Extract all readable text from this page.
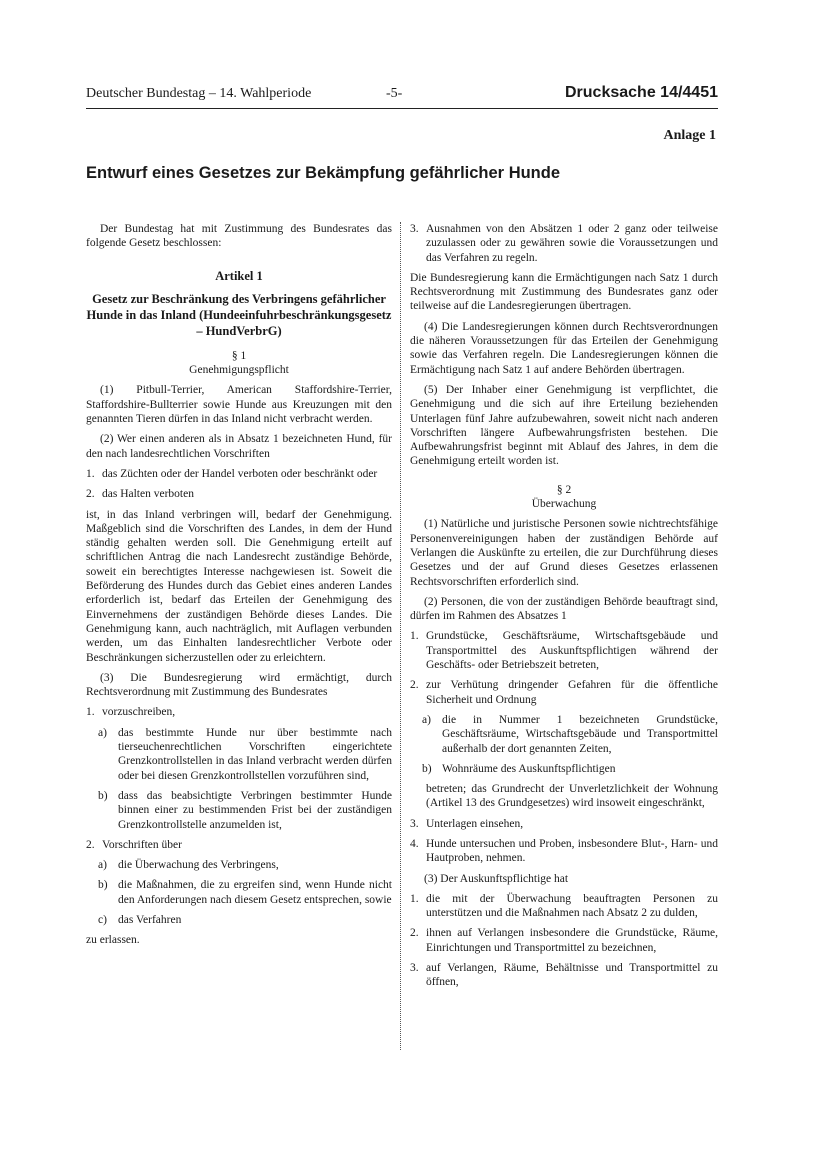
Deutscher Bundestag – 14. Wahlperiode	-5-	Drucksache 14/4451
Anlage 1
Entwurf eines Gesetzes zur Bekämpfung gefährlicher Hunde

Der Bundestag hat mit Zustimmung des Bundesrates das folgende Gesetz beschlossen:

Artikel 1
Gesetz zur Beschränkung des Verbringens gefährlicher Hunde in das Inland (Hundeeinfuhrbeschränkungsgesetz – HundVerbrG)

§ 1

Genehmigungspflicht

(1) Pitbull-Terrier, American Staffordshire-Terrier, Staffordshire-Bullterrier sowie Hunde aus Kreuzungen mit den genannten Tieren dürfen in das Inland nicht verbracht werden.

(2) Wer einen anderen als in Absatz 1 bezeichneten Hund, für den nach landesrechtlichen Vorschriften

1. das Züchten oder der Handel verboten oder beschränkt oder
2. das Halten verboten

ist, in das Inland verbringen will, bedarf der Genehmigung. Maßgeblich sind die Vorschriften des Landes, in dem der Hund ständig gehalten werden soll. Die Genehmigung erteilt auf schriftlichen Antrag die nach Landesrecht zuständige Behörde, soweit ein berechtigtes Interesse nachgewiesen ist. Soweit die Beförderung des Hundes durch das Gebiet eines anderen Landes erforderlich ist, bedarf das Erteilen der Genehmigung des Einvernehmens der zuständigen Behörde dieses Landes. Die Genehmigung kann, auch nachträglich, mit Auflagen verbunden werden, um das Einhalten landesrechtlicher Verbote oder Beschränkungen sicherzustellen oder zu erleichtern.

(3) Die Bundesregierung wird ermächtigt, durch Rechtsverordnung mit Zustimmung des Bundesrates

1. vorzuschreiben,
a) das bestimmte Hunde nur über bestimmte nach tierseuchenrechtlichen Vorschriften eingerichtete Grenzkontrollstellen in das Inland verbracht werden dürfen oder bei diesen Grenzkontrollstellen vorzuführen sind,
b) dass das beabsichtigte Verbringen bestimmter Hunde binnen einer zu bestimmenden Frist bei der zuständigen Grenzkontrollstelle anzumelden ist,
2. Vorschriften über
a) die Überwachung des Verbringens,
b) die Maßnahmen, die zu ergreifen sind, wenn Hunde nicht den Anforderungen nach diesem Gesetz entsprechen, sowie
c) das Verfahren

zu erlassen.

3. Ausnahmen von den Absätzen 1 oder 2 ganz oder teilweise zuzulassen oder zu gewähren sowie die Voraussetzungen und das Verfahren zu regeln.

Die Bundesregierung kann die Ermächtigungen nach Satz 1 durch Rechtsverordnung mit Zustimmung des Bundesrates ganz oder teilweise auf die Landesregierungen übertragen.

(4) Die Landesregierungen können durch Rechtsverordnungen die näheren Voraussetzungen für das Erteilen der Genehmigung sowie das Verfahren regeln. Die Landesregierungen können die Ermächtigung nach Satz 1 auf andere Behörden übertragen.

(5) Der Inhaber einer Genehmigung ist verpflichtet, die Genehmigung und die sich auf ihre Erteilung beziehenden Unterlagen fünf Jahre aufzubewahren, soweit nicht nach anderen Vorschriften längere Aufbewahrungsfristen bestehen. Die Aufbewahrungsfrist beginnt mit Ablauf des Jahres, in dem die Genehmigung erteilt worden ist.

§ 2

Überwachung

(1) Natürliche und juristische Personen sowie nichtrechtsfähige Personenvereinigungen haben der zuständigen Behörde auf Verlangen die Auskünfte zu erteilen, die zur Durchführung dieses Gesetzes und der auf Grund dieses Gesetzes erlassenen Rechtsvorschriften erforderlich sind.

(2) Personen, die von der zuständigen Behörde beauftragt sind, dürfen im Rahmen des Absatzes 1

1. Grundstücke, Geschäftsräume, Wirtschaftsgebäude und Transportmittel des Auskunftspflichtigen während der Geschäfts- oder Betriebszeit betreten,
2. zur Verhütung dringender Gefahren für die öffentliche Sicherheit und Ordnung
a) die in Nummer 1 bezeichneten Grundstücke, Geschäftsräume, Wirtschaftsgebäude und Transportmittel außerhalb der dort genannten Zeiten,
b) Wohnräume des Auskunftspflichtigen

betreten; das Grundrecht der Unverletzlichkeit der Wohnung (Artikel 13 des Grundgesetzes) wird insoweit eingeschränkt,

3. Unterlagen einsehen,
4. Hunde untersuchen und Proben, insbesondere Blut-, Harn- und Hautproben, nehmen.

(3) Der Auskunftspflichtige hat

1. die mit der Überwachung beauftragten Personen zu unterstützen und die Maßnahmen nach Absatz 2 zu dulden,
2. ihnen auf Verlangen insbesondere die Grundstücke, Räume, Einrichtungen und Transportmittel zu bezeichnen,
3. auf Verlangen, Räume, Behältnisse und Transportmittel zu öffnen,
